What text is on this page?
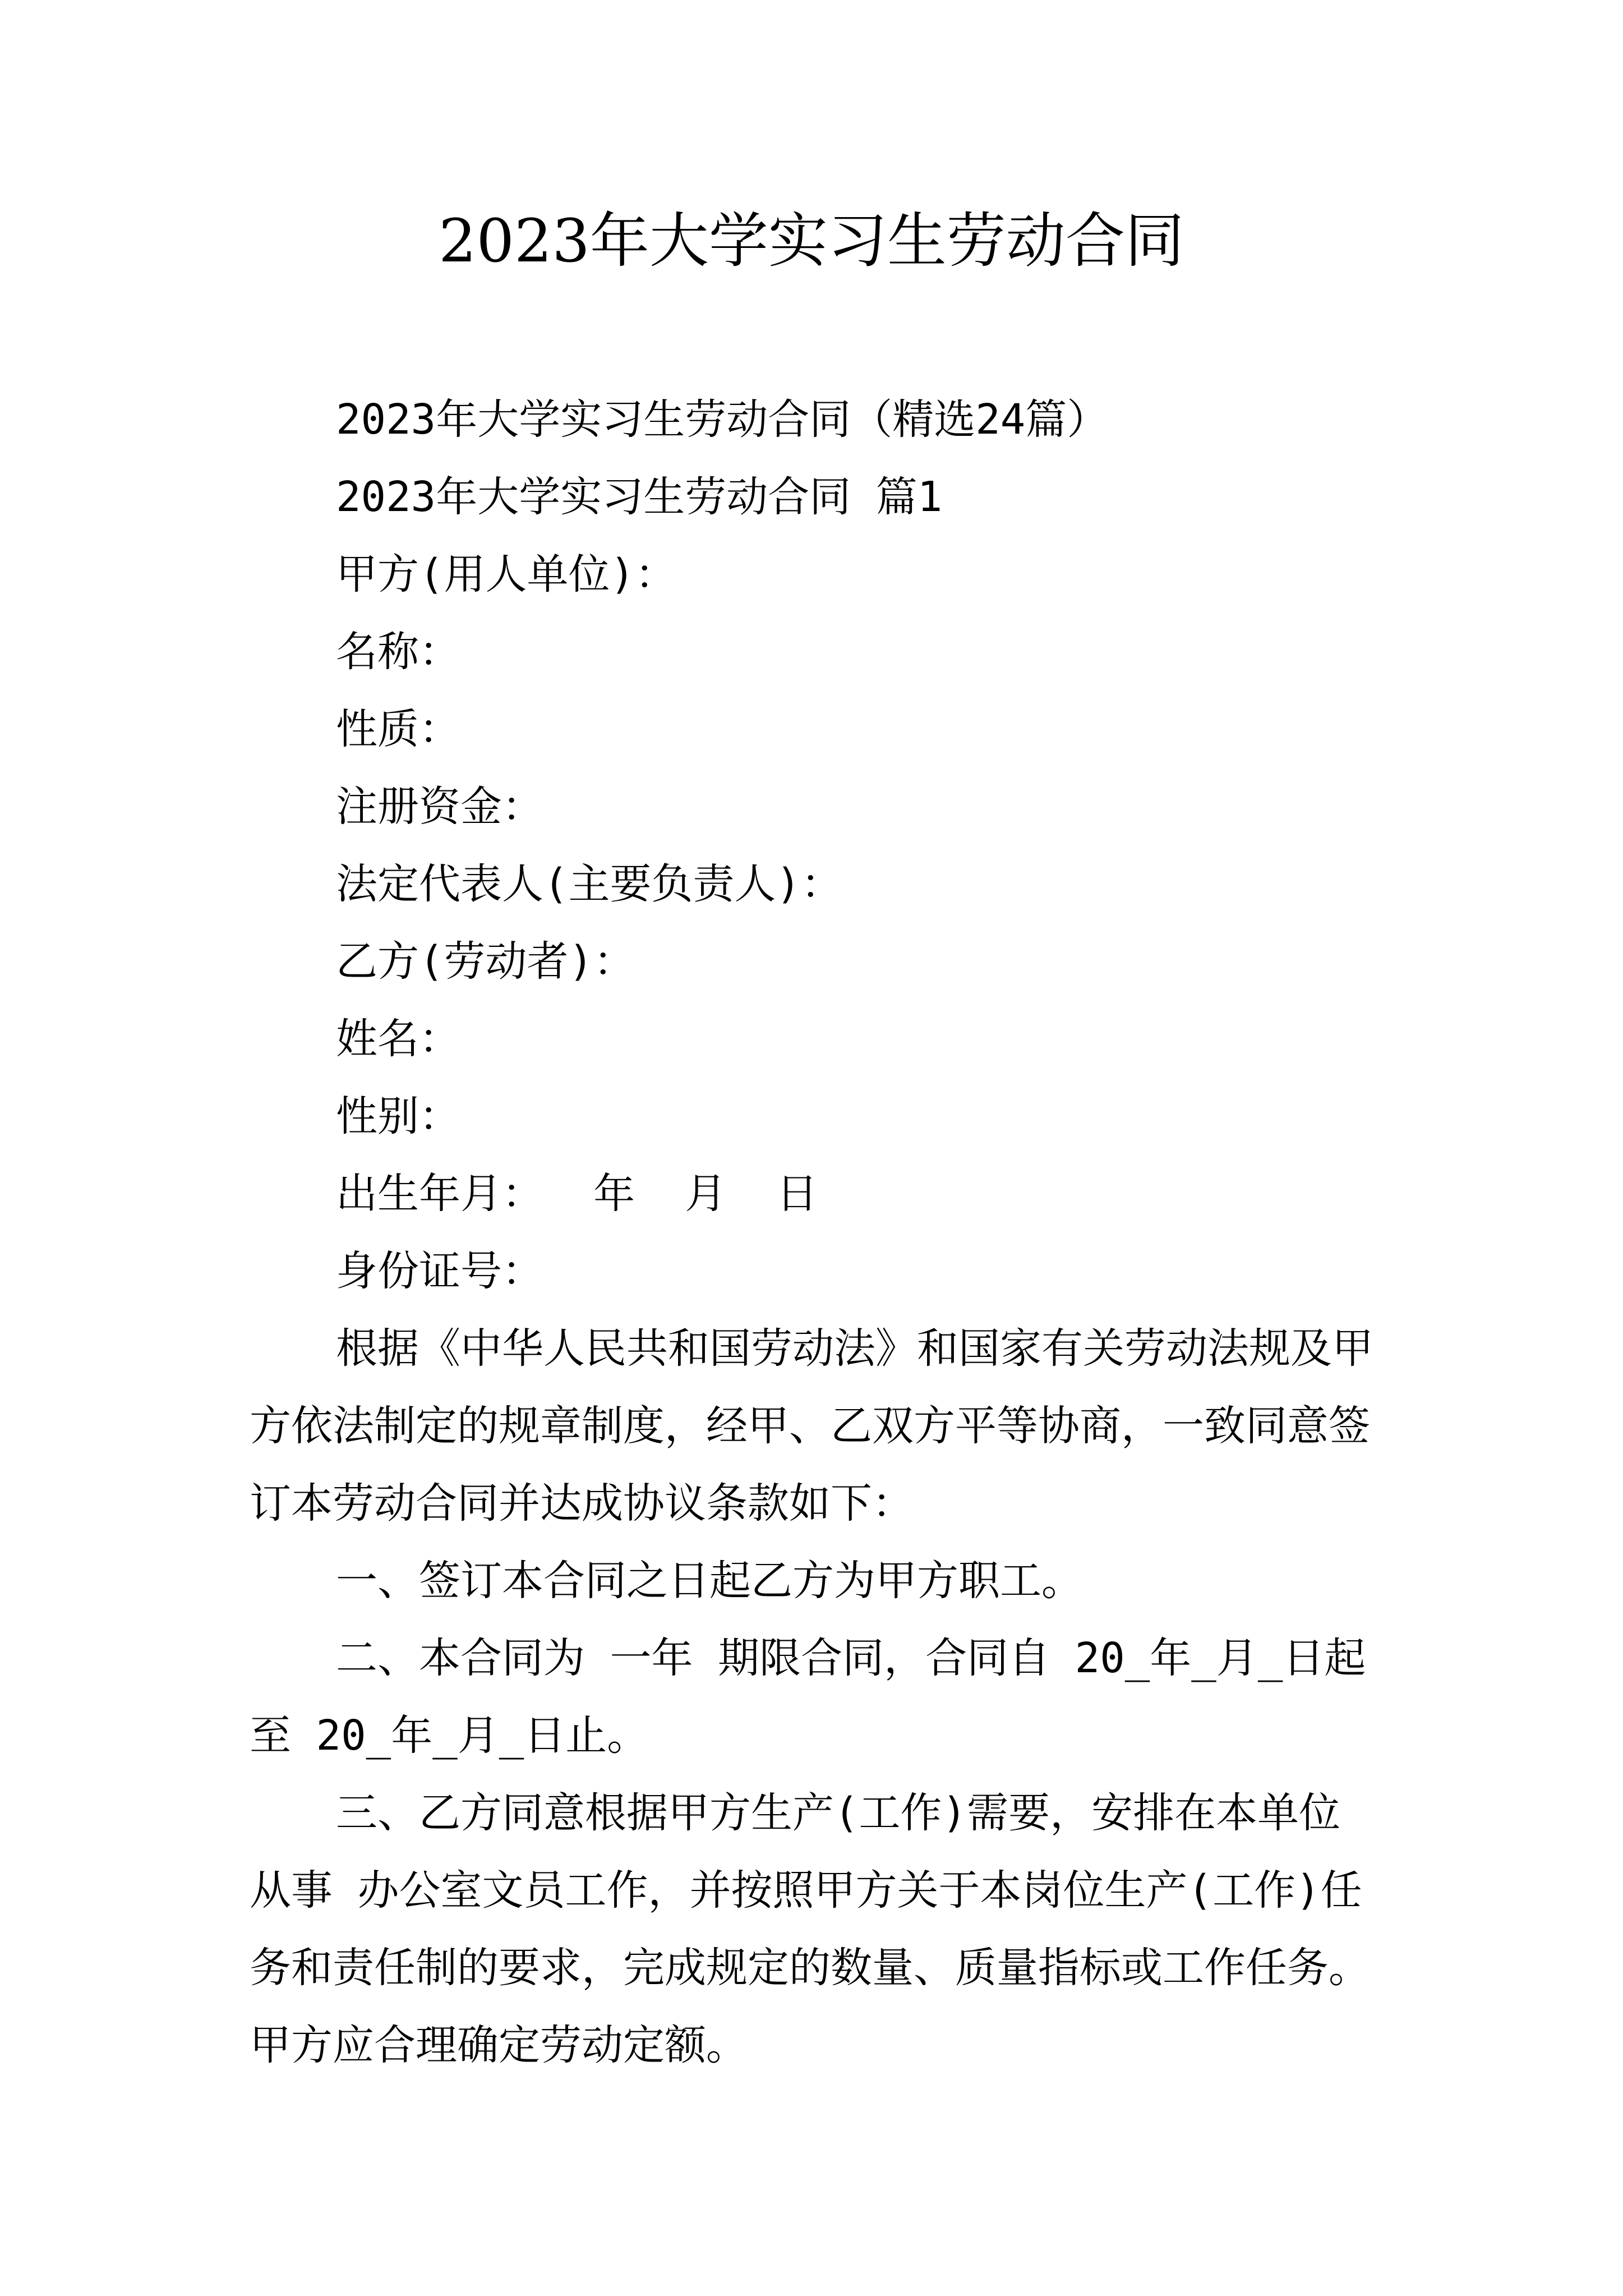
2023年大学实习生劳动合同

2023年大学实习生劳动合同（精选24篇）

2023年大学实习生劳动合同 篇1

甲方(用人单位)：

名称：

性质：

注册资金：

法定代表人(主要负责人)：

乙方(劳动者)：

姓名：

性别：

出生年月：  年  月  日

身份证号：

根据《中华人民共和国劳动法》和国家有关劳动法规及甲方依法制定的规章制度，经甲、乙双方平等协商，一致同意签订本劳动合同并达成协议条款如下：

一、签订本合同之日起乙方为甲方职工。

二、本合同为 一年 期限合同，合同自 20_年_月_日起至 20_年_月_日止。

三、乙方同意根据甲方生产(工作)需要，安排在本单位从事 办公室文员工作，并按照甲方关于本岗位生产(工作)任务和责任制的要求，完成规定的数量、质量指标或工作任务。甲方应合理确定劳动定额。
